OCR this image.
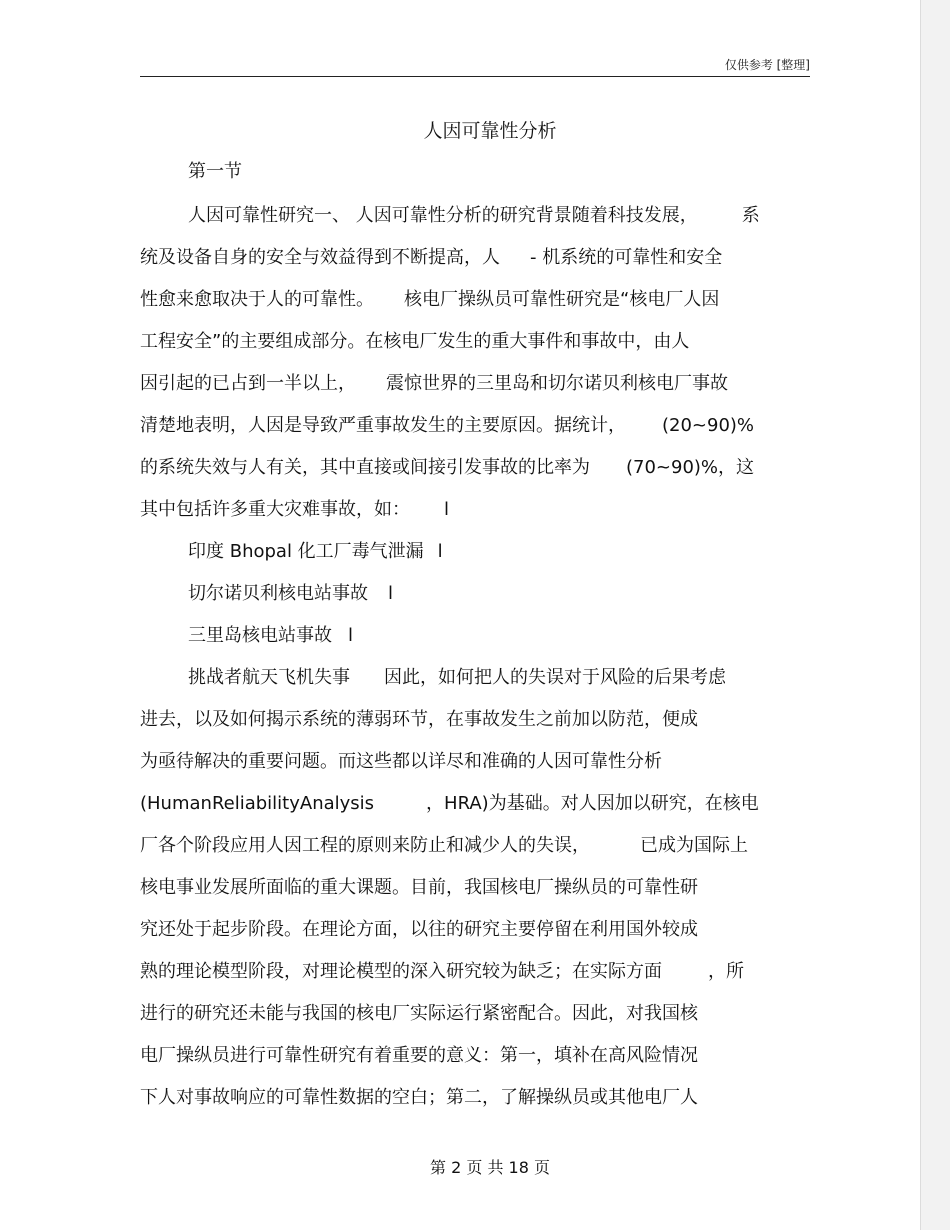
仅供参考 [整理]
人因可靠性分析
第一节
人因可靠性研究一、 人因可靠性分析的研究背景随着科技发展， 系
统及设备自身的安全与效益得到不断提高，人 - 机系统的可靠性和安全
性愈来愈取决于人的可靠性。 核电厂操纵员可靠性研究是“核电厂人因
工程安全”的主要组成部分。在核电厂发生的重大事件和事故中，由人
因引起的已占到一半以上， 震惊世界的三里岛和切尔诺贝利核电厂事故
清楚地表明，人因是导致严重事故发生的主要原因。据统计， (20~90)%
的系统失效与人有关，其中直接或间接引发事故的比率为 (70~90)%，这
其中包括许多重大灾难事故，如： l
印度 Bhopal 化工厂毒气泄漏 l
切尔诺贝利核电站事故 l
三里岛核电站事故 l
挑战者航天飞机失事 因此，如何把人的失误对于风险的后果考虑
进去，以及如何揭示系统的薄弱环节，在事故发生之前加以防范，便成
为亟待解决的重要问题。而这些都以详尽和准确的人因可靠性分析
(HumanReliabilityAnalysis	，HRA)为基础。对人因加以研究，在核电
厂各个阶段应用人因工程的原则来防止和减少人的失误，	已成为国际上
核电事业发展所面临的重大课题。目前，我国核电厂操纵员的可靠性研
究还处于起步阶段。在理论方面，以往的研究主要停留在利用国外较成
熟的理论模型阶段，对理论模型的深入研究较为缺乏；在实际方面	，所
进行的研究还未能与我国的核电厂实际运行紧密配合。因此，对我国核
电厂操纵员进行可靠性研究有着重要的意义：第一，填补在高风险情况
下人对事故响应的可靠性数据的空白；第二，了解操纵员或其他电厂人
第 2 页 共 18 页
